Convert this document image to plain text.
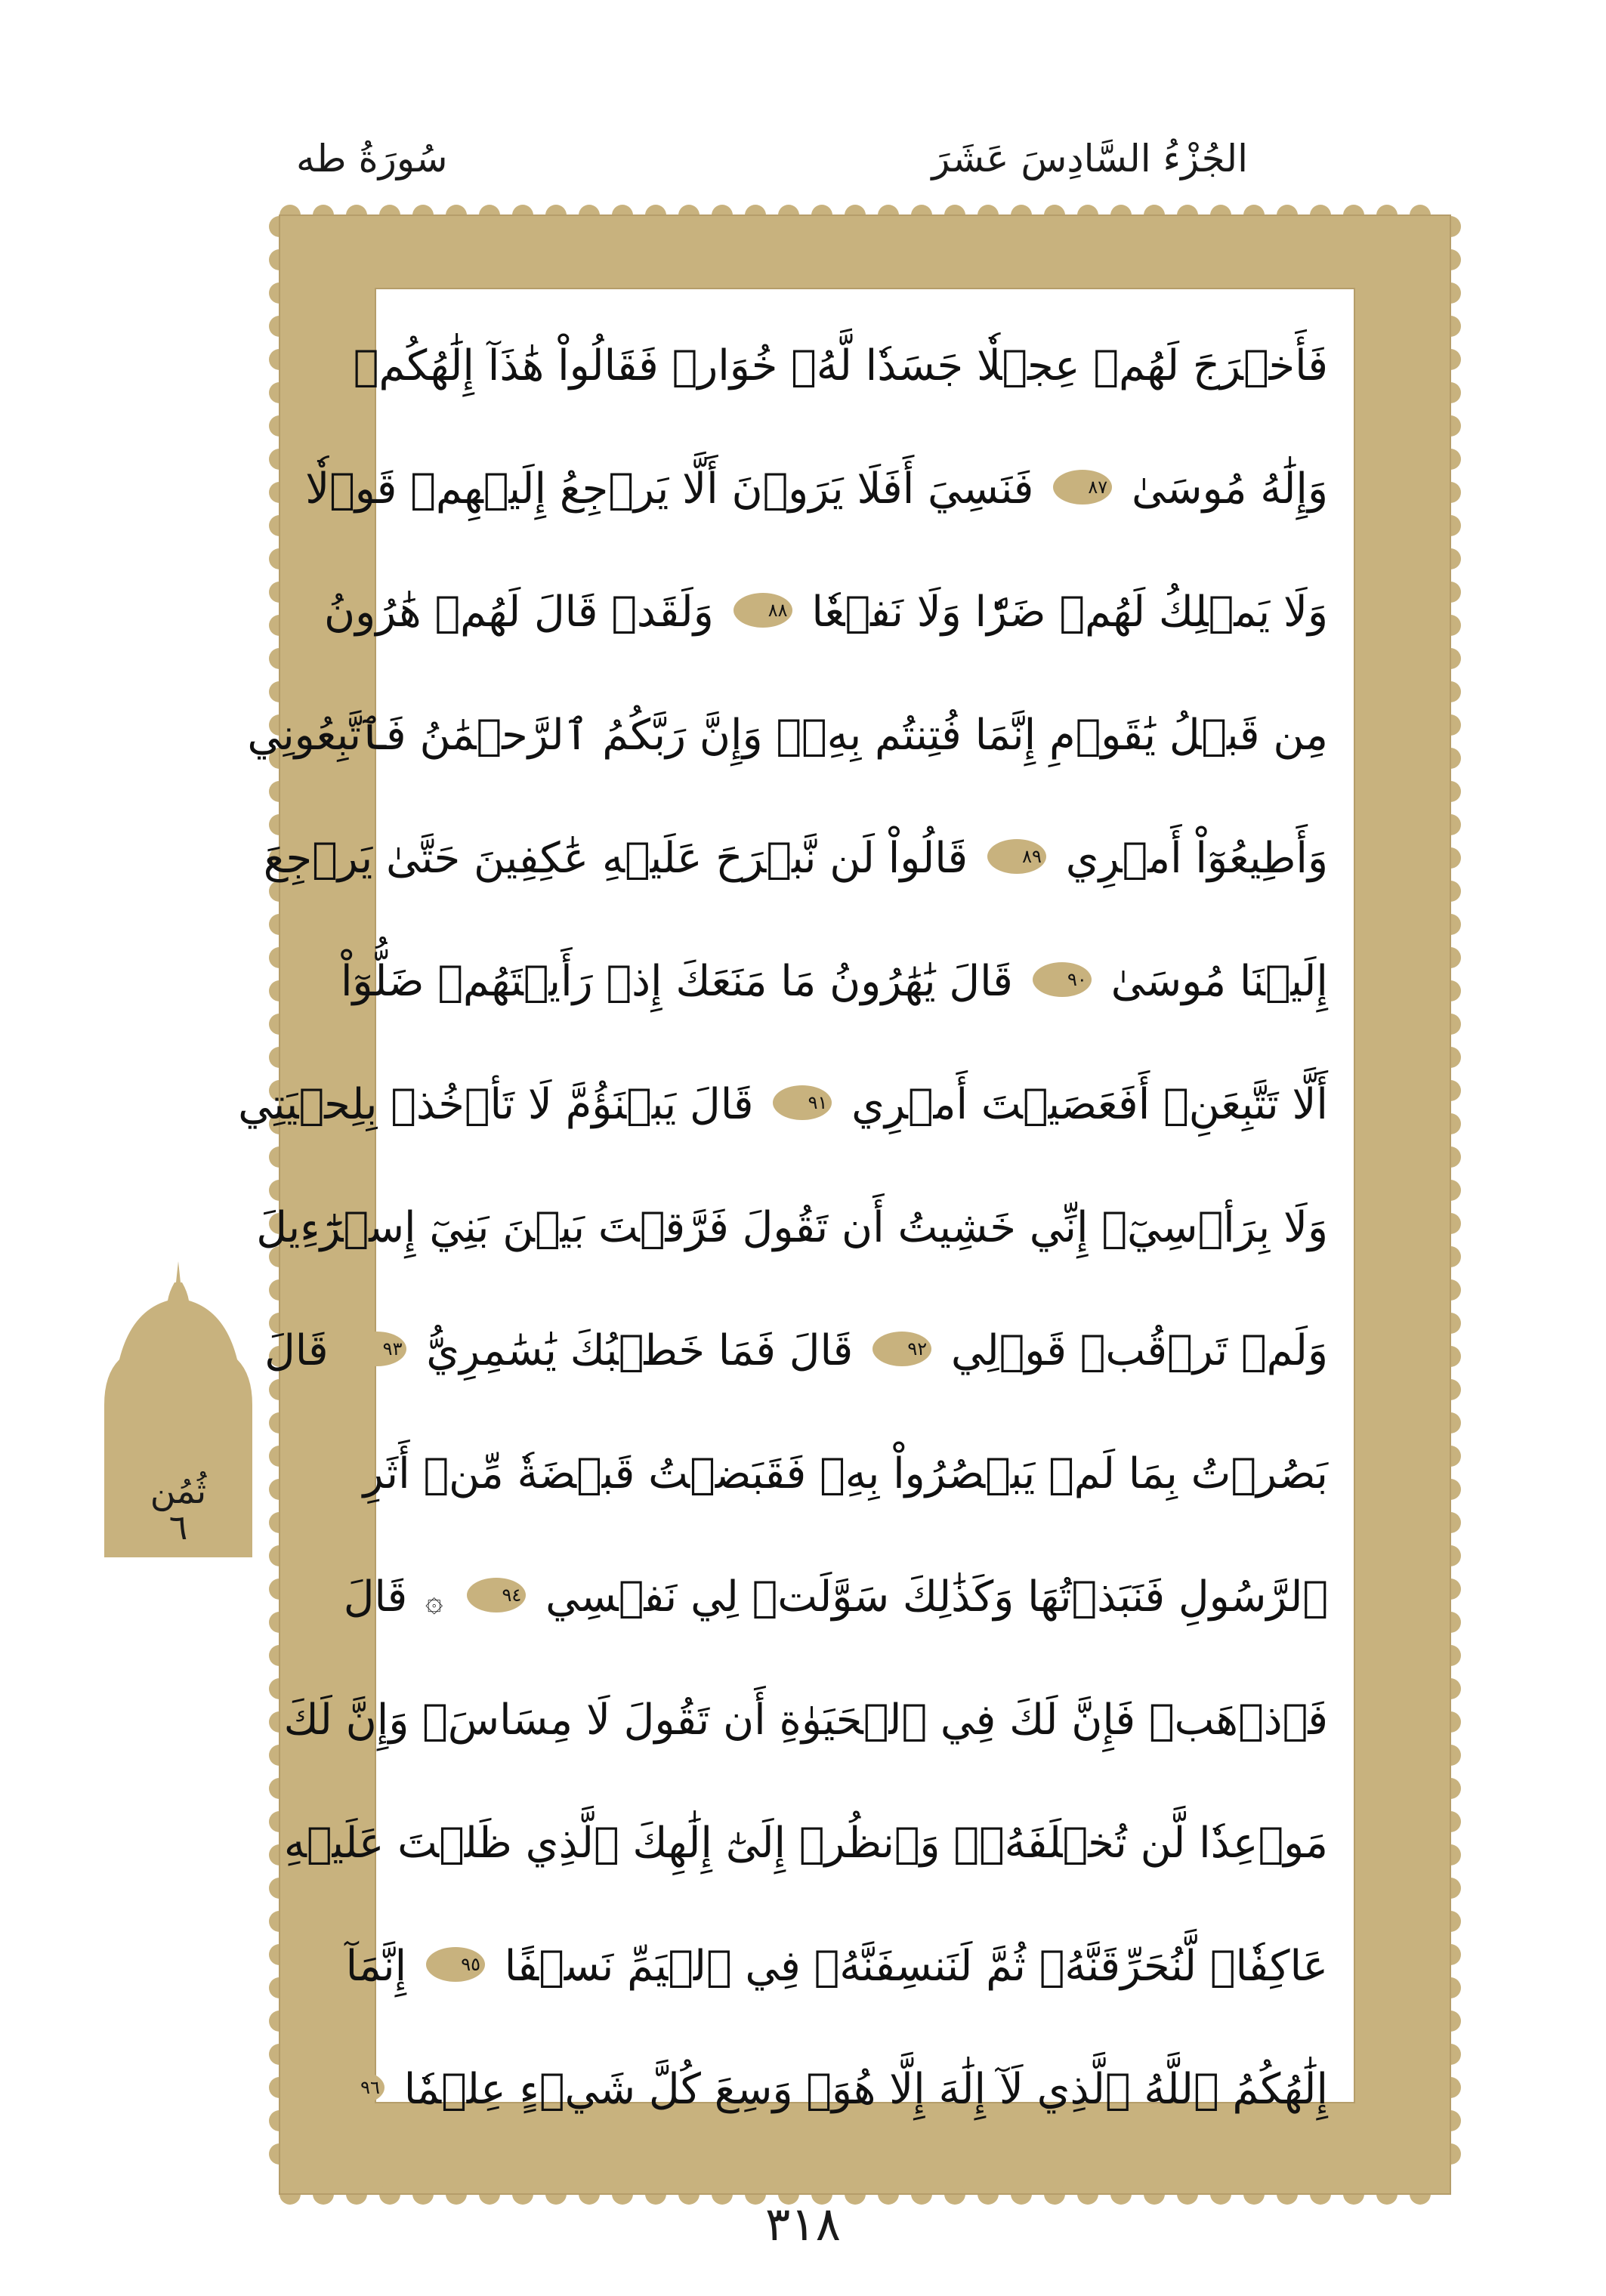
الجُزْءُ السَّادِسَ عَشَرَ
سُورَةُ طه
فَأَخۡرَجَ لَهُمۡ عِجۡلٗا جَسَدٗا لَّهُۥ خُوَارٞ فَقَالُواْ هَٰذَآ إِلَٰهُكُمۡ
وَإِلَٰهُ مُوسَىٰ ٨٧ فَنَسِيَ أَفَلَا يَرَوۡنَ أَلَّا يَرۡجِعُ إِلَيۡهِمۡ قَوۡلٗا
وَلَا يَمۡلِكُ لَهُمۡ ضَرّٗا وَلَا نَفۡعٗا ٨٨ وَلَقَدۡ قَالَ لَهُمۡ هَٰرُونُ
مِن قَبۡلُ يَٰقَوۡمِ إِنَّمَا فُتِنتُم بِهِۦۖ وَإِنَّ رَبَّكُمُ ٱلرَّحۡمَٰنُ فَٱتَّبِعُونِي
وَأَطِيعُوٓاْ أَمۡرِي ٨٩ قَالُواْ لَن نَّبۡرَحَ عَلَيۡهِ عَٰكِفِينَ حَتَّىٰ يَرۡجِعَ
إِلَيۡنَا مُوسَىٰ ٩٠ قَالَ يَٰهَٰرُونُ مَا مَنَعَكَ إِذۡ رَأَيۡتَهُمۡ ضَلُّوٓاْ
أَلَّا تَتَّبِعَنِۖ أَفَعَصَيۡتَ أَمۡرِي ٩١ قَالَ يَبۡنَؤُمَّ لَا تَأۡخُذۡ بِلِحۡيَتِي
وَلَا بِرَأۡسِيٓۖ إِنِّي خَشِيتُ أَن تَقُولَ فَرَّقۡتَ بَيۡنَ بَنِيٓ إِسۡرَٰٓءِيلَ
وَلَمۡ تَرۡقُبۡ قَوۡلِي ٩٢ قَالَ فَمَا خَطۡبُكَ يَٰسَٰمِرِيُّ ٩٣ قَالَ
بَصُرۡتُ بِمَا لَمۡ يَبۡصُرُواْ بِهِۦ فَقَبَضۡتُ قَبۡضَةٗ مِّنۡ أَثَرِ
ٱلرَّسُولِ فَنَبَذۡتُهَا وَكَذَٰلِكَ سَوَّلَتۡ لِي نَفۡسِي ٩٤ ۞ قَالَ
فَٱذۡهَبۡ فَإِنَّ لَكَ فِي ٱلۡحَيَوٰةِ أَن تَقُولَ لَا مِسَاسَۖ وَإِنَّ لَكَ
مَوۡعِدٗا لَّن تُخۡلَفَهُۥۖ وَٱنظُرۡ إِلَىٰٓ إِلَٰهِكَ ٱلَّذِي ظَلۡتَ عَلَيۡهِ
عَاكِفٗاۖ لَّنُحَرِّقَنَّهُۥ ثُمَّ لَنَنسِفَنَّهُۥ فِي ٱلۡيَمِّ نَسۡفًا ٩٥ إِنَّمَآ
إِلَٰهُكُمُ ٱللَّهُ ٱلَّذِي لَآ إِلَٰهَ إِلَّا هُوَۚ وَسِعَ كُلَّ شَيۡءٍ عِلۡمٗا ٩٦
ثُمُن
٦
٣١٨
